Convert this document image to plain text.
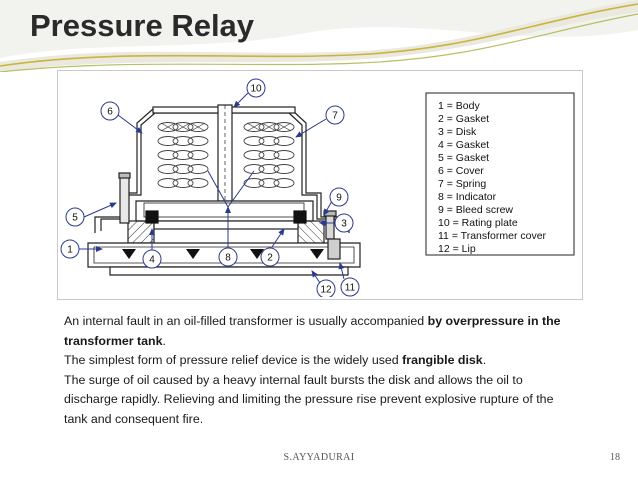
Pressure Relay
6
10
7
5
1
4	8	2
9
3
12 11
1 = Body 2 = Gasket 3 = Disk 4 = Gasket 5 = Gasket 6 = Cover 7 = Spring 8 = Indicator 9 = Bleed screw 10 = Rating plate 11 = Transformer cover 12 = Lip

An internal fault in an oil-filled transformer is usually accompanied by overpressure in the transformer tank.

The simplest form of pressure relief device is the widely used frangible disk.

The surge of oil caused by a heavy internal fault bursts the disk and allows the oil to discharge rapidly. Relieving and limiting the pressure rise prevent explosive rupture of the tank and consequent fire.

S.AYYADURAI	18
